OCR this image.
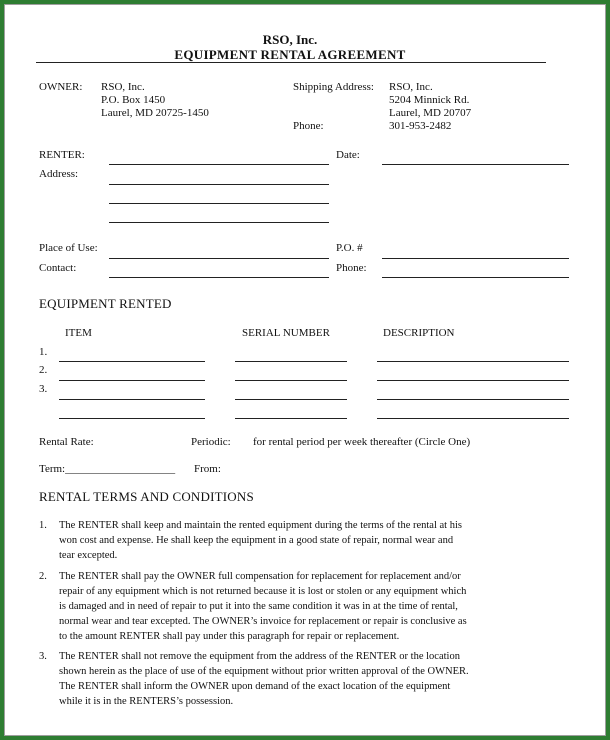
RSO, Inc.
EQUIPMENT RENTAL AGREEMENT
OWNER: RSO, Inc.
P.O. Box 1450
Laurel, MD 20725-1450
Shipping Address: RSO, Inc.
5204 Minnick Rd.
Laurel, MD 20707
Phone:	301-953-2482
RENTER:	Date:
Address:
Place of Use:	P.O. #
Contact:	Phone:
EQUIPMENT RENTED
ITEM	SERIAL NUMBER	DESCRIPTION
1.
2.
3.
Rental Rate:	Periodic: for rental period per week thereafter (Circle One)
Term:____________________ From:
RENTAL TERMS AND CONDITIONS
1. The RENTER shall keep and maintain the rented equipment during the terms of the rental at his
won cost and expense. He shall keep the equipment in a good state of repair, normal wear and
tear excepted.
2. The RENTER shall pay the OWNER full compensation for replacement for replacement and/or
repair of any equipment which is not returned because it is lost or stolen or any equipment which
is damaged and in need of repair to put it into the same condition it was in at the time of rental,
normal wear and tear excepted. The OWNER’s invoice for replacement or repair is conclusive as
to the amount RENTER shall pay under this paragraph for repair or replacement.
3. The RENTER shall not remove the equipment from the address of the RENTER or the location
shown herein as the place of use of the equipment without prior written approval of the OWNER.
The RENTER shall inform the OWNER upon demand of the exact location of the equipment
while it is in the RENTERS’s possession.
